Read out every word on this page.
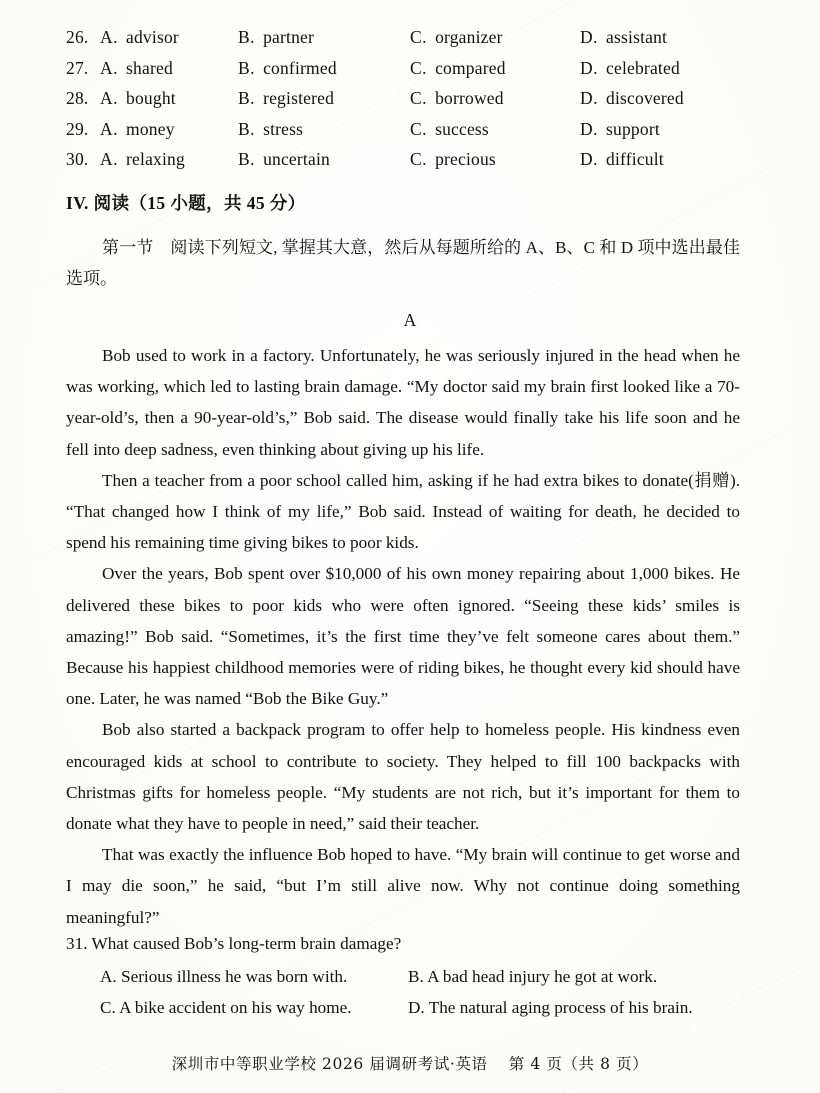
26. A. advisor	B. partner	C. organizer	D. assistant
27. A. shared	B. confirmed	C. compared	D. celebrated
28. A. bought	B. registered	C. borrowed	D. discovered
29. A. money	B. stress	C. success	D. support
30. A. relaxing	B. uncertain	C. precious	D. difficult
IV. 阅读（15 小题，共 45 分）
第一节　阅读下列短文, 掌握其大意，然后从每题所给的 A、B、C 和 D 项中选出最佳选项。
A

Bob used to work in a factory. Unfortunately, he was seriously injured in the head when he was working, which led to lasting brain damage. “My doctor said my brain first looked like a 70-year-old’s, then a 90-year-old’s,” Bob said. The disease would finally take his life soon and he fell into deep sadness, even thinking about giving up his life.

Then a teacher from a poor school called him, asking if he had extra bikes to donate(捐赠). “That changed how I think of my life,” Bob said. Instead of waiting for death, he decided to spend his remaining time giving bikes to poor kids.

Over the years, Bob spent over $10,000 of his own money repairing about 1,000 bikes. He delivered these bikes to poor kids who were often ignored. “Seeing these kids’ smiles is amazing!” Bob said. “Sometimes, it’s the first time they’ve felt someone cares about them.” Because his happiest childhood memories were of riding bikes, he thought every kid should have one. Later, he was named “Bob the Bike Guy.”

Bob also started a backpack program to offer help to homeless people. His kindness even encouraged kids at school to contribute to society. They helped to fill 100 backpacks with Christmas gifts for homeless people. “My students are not rich, but it’s important for them to donate what they have to people in need,” said their teacher.

That was exactly the influence Bob hoped to have. “My brain will continue to get worse and I may die soon,” he said, “but I’m still alive now. Why not continue doing something meaningful?”

31. What caused Bob’s long-term brain damage?
A. Serious illness he was born with.	B. A bad head injury he got at work.
C. A bike accident on his way home.	D. The natural aging process of his brain.
深圳市中等职业学校 2026 届调研考试·英语 第 4 页（共 8 页）
